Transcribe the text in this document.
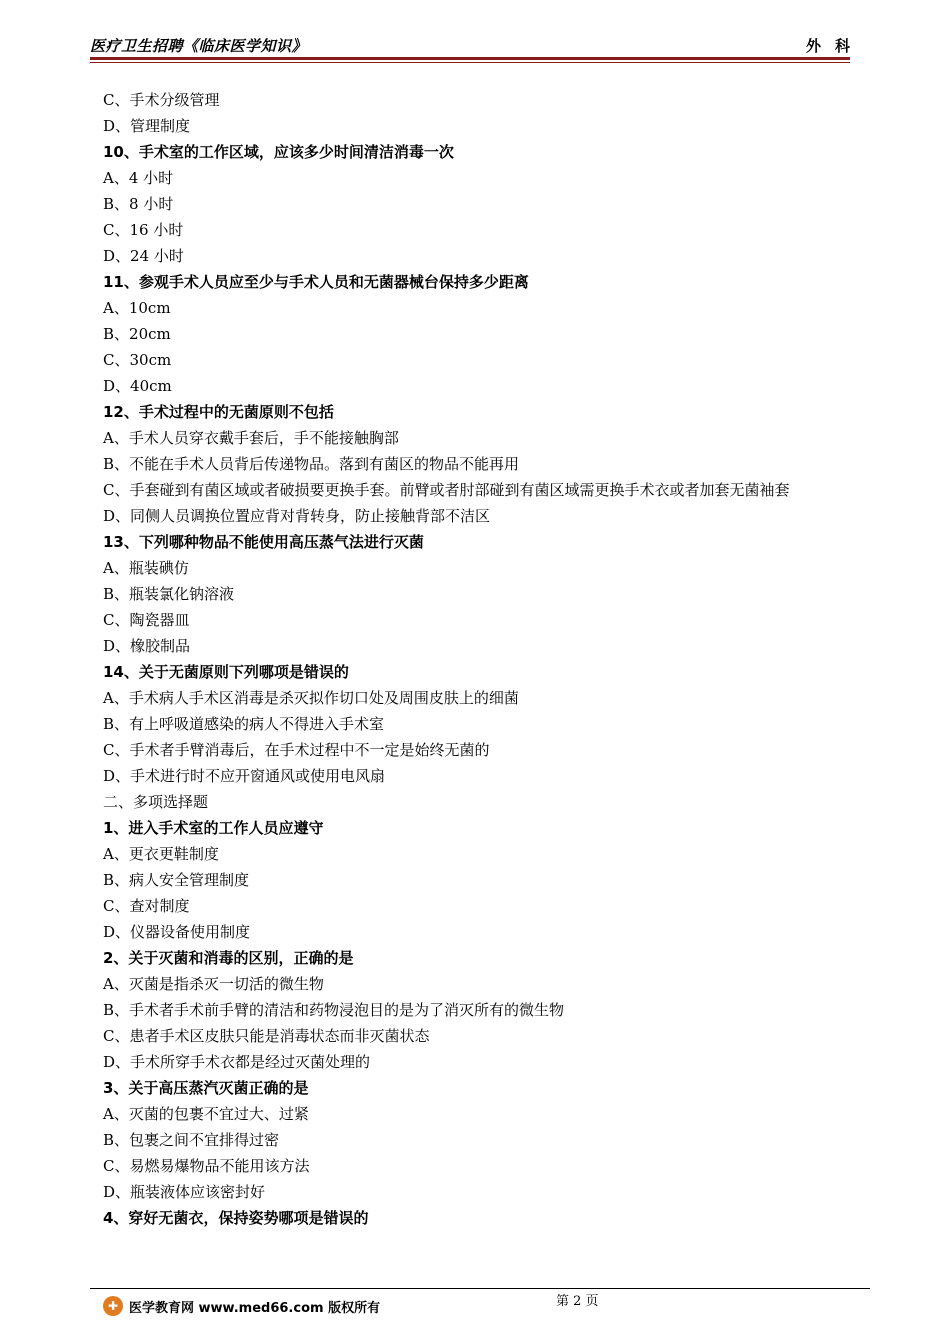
医疗卫生招聘《临床医学知识》	外科
C、手术分级管理
D、管理制度
10、手术室的工作区域，应该多少时间清洁消毒一次
A、4 小时
B、8 小时
C、16 小时
D、24 小时
11、参观手术人员应至少与手术人员和无菌器械台保持多少距离
A、10cm
B、20cm
C、30cm
D、40cm
12、手术过程中的无菌原则不包括
A、手术人员穿衣戴手套后，手不能接触胸部
B、不能在手术人员背后传递物品。落到有菌区的物品不能再用
C、手套碰到有菌区域或者破损要更换手套。前臂或者肘部碰到有菌区域需更换手术衣或者加套无菌袖套
D、同侧人员调换位置应背对背转身，防止接触背部不洁区
13、下列哪种物品不能使用高压蒸气法进行灭菌
A、瓶装碘仿
B、瓶装氯化钠溶液
C、陶瓷器皿
D、橡胶制品
14、关于无菌原则下列哪项是错误的
A、手术病人手术区消毒是杀灭拟作切口处及周围皮肤上的细菌
B、有上呼吸道感染的病人不得进入手术室
C、手术者手臂消毒后，在手术过程中不一定是始终无菌的
D、手术进行时不应开窗通风或使用电风扇
二、多项选择题
1、进入手术室的工作人员应遵守
A、更衣更鞋制度
B、病人安全管理制度
C、查对制度
D、仪器设备使用制度
2、关于灭菌和消毒的区别，正确的是
A、灭菌是指杀灭一切活的微生物
B、手术者手术前手臂的清洁和药物浸泡目的是为了消灭所有的微生物
C、患者手术区皮肤只能是消毒状态而非灭菌状态
D、手术所穿手术衣都是经过灭菌处理的
3、关于高压蒸汽灭菌正确的是
A、灭菌的包裹不宜过大、过紧
B、包裹之间不宜排得过密
C、易燃易爆物品不能用该方法
D、瓶装液体应该密封好
4、穿好无菌衣，保持姿势哪项是错误的
✚ 医学教育网 www.med66.com 版权所有	第 2 页
